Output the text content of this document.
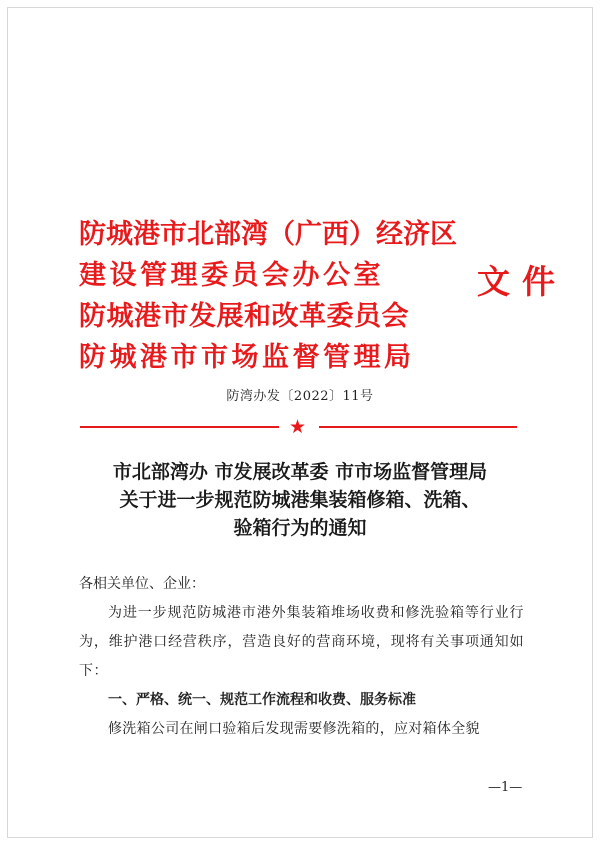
防城港市北部湾（广西）经济区
建设管理委员会办公室
防城港市发展和改革委员会
防城港市市场监督管理局
文件
防湾办发〔2022〕11号
★
市北部湾办 市发展改革委 市市场监督管理局
关于进一步规范防城港集装箱修箱、洗箱、
验箱行为的通知
各相关单位、企业：
为进一步规范防城港市港外集装箱堆场收费和修洗验箱等行业行为，维护港口经营秩序，营造良好的营商环境，现将有关事项通知如下：
一、严格、统一、规范工作流程和收费、服务标准
修洗箱公司在闸口验箱后发现需要修洗箱的，应对箱体全貌
—1—
